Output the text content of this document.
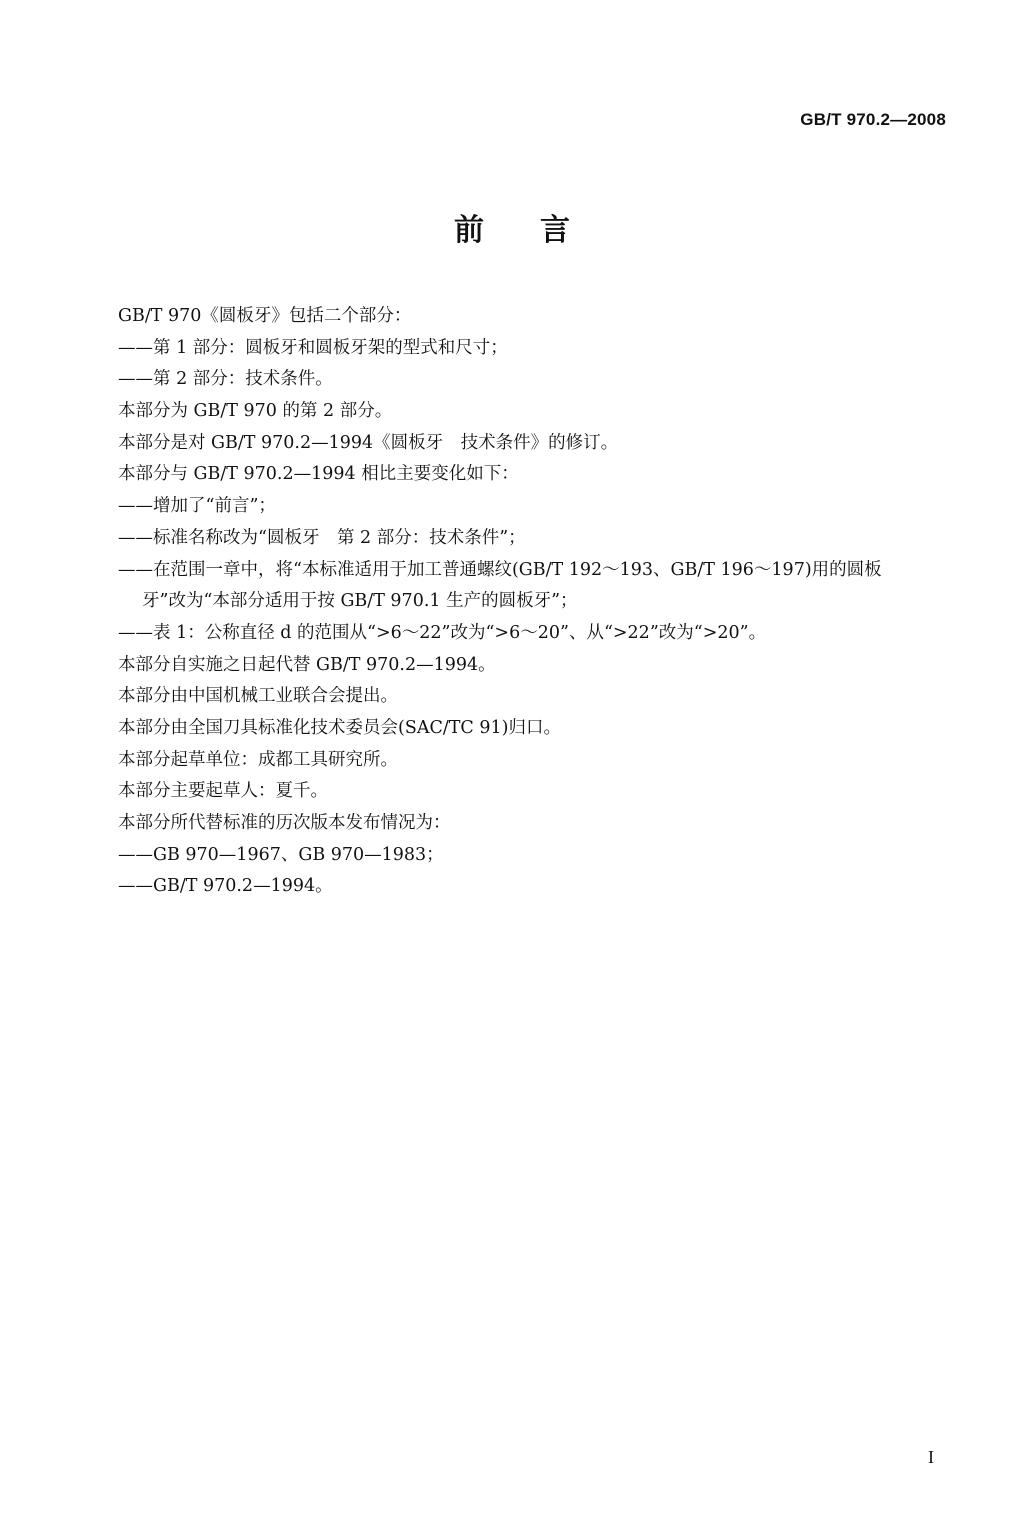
GB/T 970.2—2008
前言
GB/T 970《圆板牙》包括二个部分：
——第 1 部分：圆板牙和圆板牙架的型式和尺寸；
——第 2 部分：技术条件。
本部分为 GB/T 970 的第 2 部分。
本部分是对 GB/T 970.2—1994《圆板牙　技术条件》的修订。
本部分与 GB/T 970.2—1994 相比主要变化如下：
——增加了“前言”；
——标准名称改为“圆板牙　第 2 部分：技术条件”；
——在范围一章中，将“本标准适用于加工普通螺纹(GB/T 192～193、GB/T 196～197)用的圆板
牙”改为“本部分适用于按 GB/T 970.1 生产的圆板牙”；
——表 1：公称直径 d 的范围从“>6～22”改为“>6～20”、从“>22”改为“>20”。
本部分自实施之日起代替 GB/T 970.2—1994。
本部分由中国机械工业联合会提出。
本部分由全国刀具标准化技术委员会(SAC/TC 91)归口。
本部分起草单位：成都工具研究所。
本部分主要起草人：夏千。
本部分所代替标准的历次版本发布情况为：
——GB 970—1967、GB 970—1983；
——GB/T 970.2—1994。
I
